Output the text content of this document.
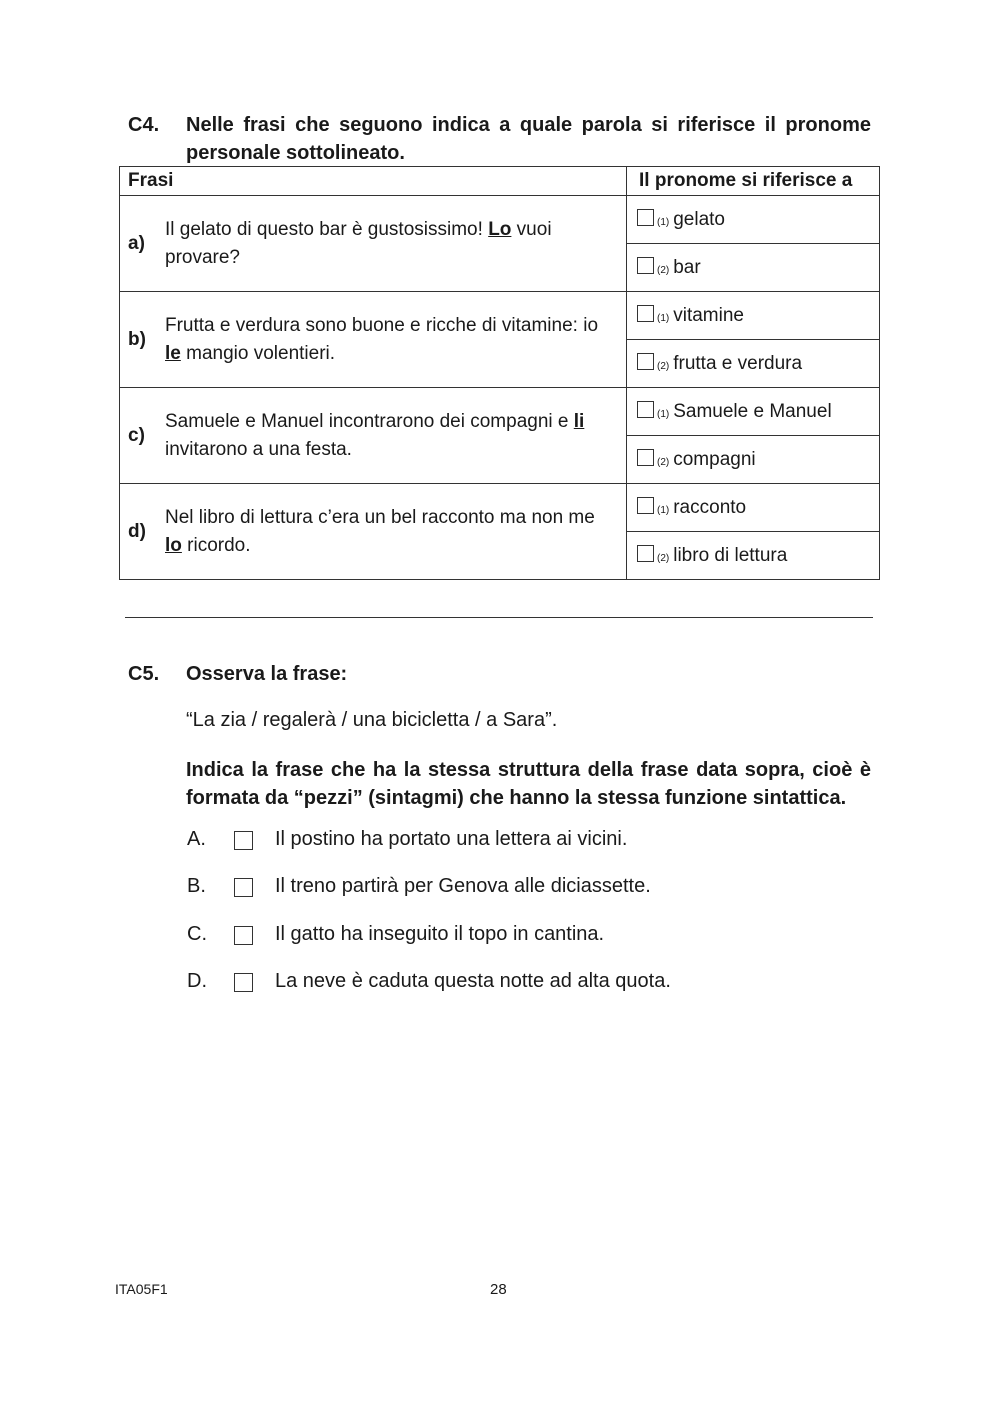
C4. Nelle frasi che seguono indica a quale parola si riferisce il pronome personale sottolineato.
Frasi	Il pronome si riferisce a

a)
Il gelato di questo bar è gustosissimo! Lo vuoi provare?	(1) gelato
	(2) bar

b)
Frutta e verdura sono buone e ricche di vitamine: io le mangio volentieri.	(1) vitamine
	(2) frutta e verdura

c)
Samuele e Manuel incontrarono dei compagni e li invitarono a una festa.	(1) Samuele e Manuel
	(2) compagni

d)
Nel libro di lettura c’era un bel racconto ma non me lo ricordo.	(1) racconto
	(2) libro di lettura
C5. Osserva la frase:
“La zia / regalerà / una bicicletta / a Sara”.
Indica la frase che ha la stessa struttura della frase data sopra, cioè è formata da “pezzi” (sintagmi) che hanno la stessa funzione sintattica.
A.	Il postino ha portato una lettera ai vicini.
B.	Il treno partirà per Genova alle diciassette.
C.	Il gatto ha inseguito il topo in cantina.
D.	La neve è caduta questa notte ad alta quota.
ITA05F1	28
